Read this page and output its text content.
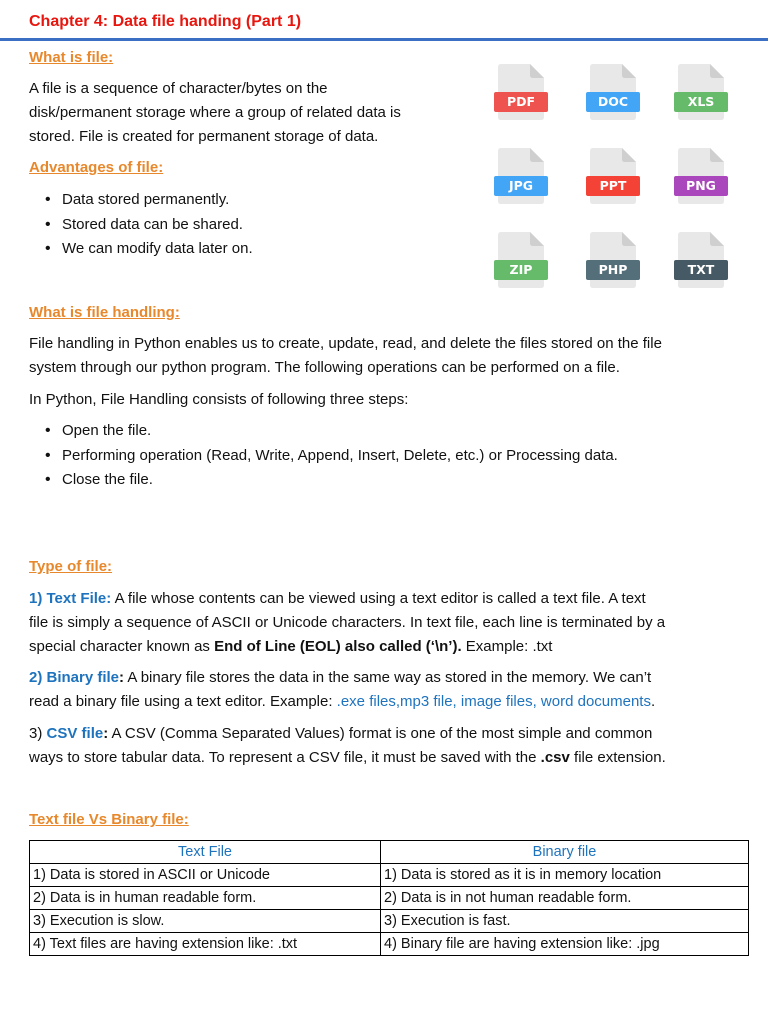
Chapter 4: Data file handing (Part 1)
What is file:
A file is a sequence of character/bytes on the
disk/permanent storage where a group of related data is
stored. File is created for permanent storage of data.
Advantages of file:
• Data stored permanently.
• Stored data can be shared.
• We can modify data later on.
PDF	DOC	XLS
JPG	PPT	PNG
ZIP	PHP	TXT
What is file handling:
File handling in Python enables us to create, update, read, and delete the files stored on the file
system through our python program. The following operations can be performed on a file.
In Python, File Handling consists of following three steps:
• Open the file.
• Performing operation (Read, Write, Append, Insert, Delete, etc.) or Processing data.
• Close the file.
Type of file:
1) Text File: A file whose contents can be viewed using a text editor is called a text file. A text
file is simply a sequence of ASCII or Unicode characters. In text file, each line is terminated by a
special character known as End of Line (EOL) also called (‘\n’). Example: .txt
2) Binary file: A binary file stores the data in the same way as stored in the memory. We can’t
read a binary file using a text editor. Example: .exe files,mp3 file, image files, word documents.
3) CSV file: A CSV (Comma Separated Values) format is one of the most simple and common
ways to store tabular data. To represent a CSV file, it must be saved with the .csv file extension.
Text file Vs Binary file:
Text File	Binary file
1) Data is stored in ASCII or Unicode	1) Data is stored as it is in memory location
2) Data is in human readable form.	2) Data is in not human readable form.
3) Execution is slow.	3) Execution is fast.
4) Text files are having extension like: .txt	4) Binary file are having extension like: .jpg
